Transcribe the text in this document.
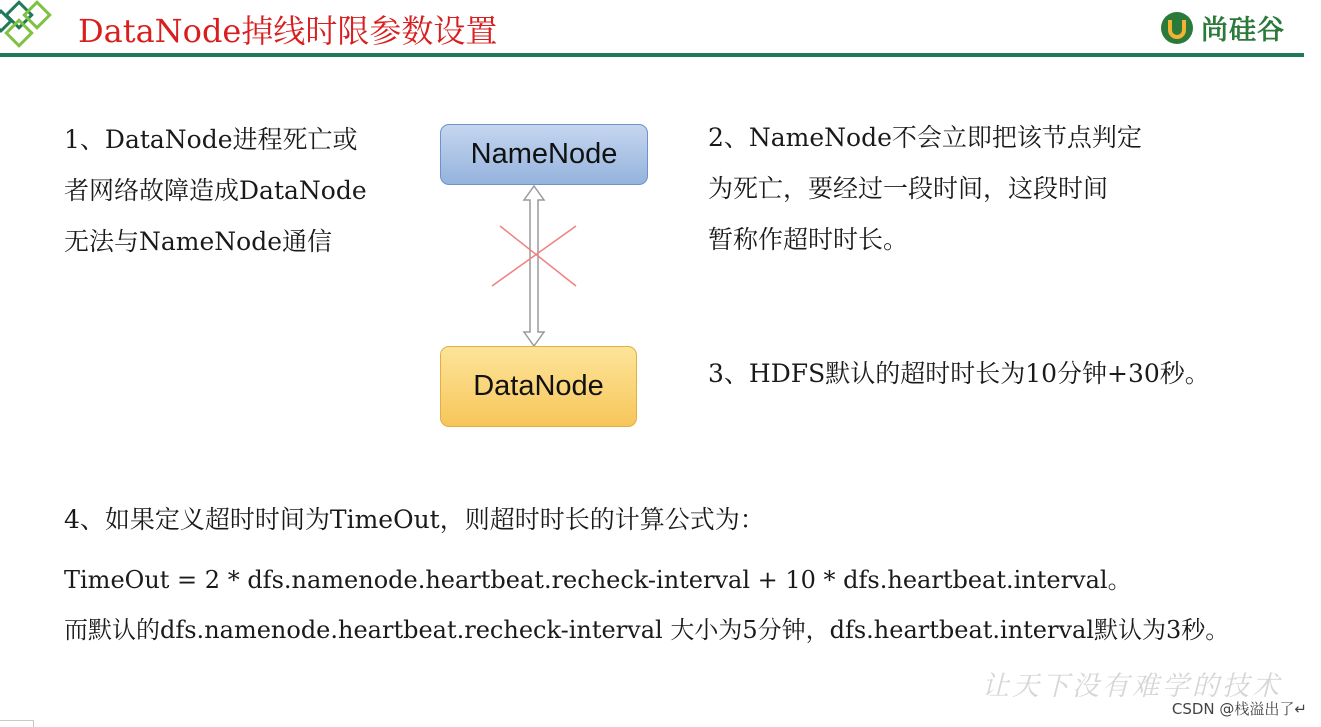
DataNode掉线时限参数设置	尚硅谷
1、DataNode进程死亡或
者网络故障造成DataNode
无法与NameNode通信
NameNode
DataNode
2、NameNode不会立即把该节点判定
为死亡，要经过一段时间，这段时间
暂称作超时时长。
3、HDFS默认的超时时长为10分钟+30秒。
4、如果定义超时时间为TimeOut，则超时时长的计算公式为：
TimeOut = 2 * dfs.namenode.heartbeat.recheck-interval + 10 * dfs.heartbeat.interval。
而默认的dfs.namenode.heartbeat.recheck-interval 大小为5分钟，dfs.heartbeat.interval默认为3秒。
让天下没有难学的技术
CSDN @栈溢出了↵
